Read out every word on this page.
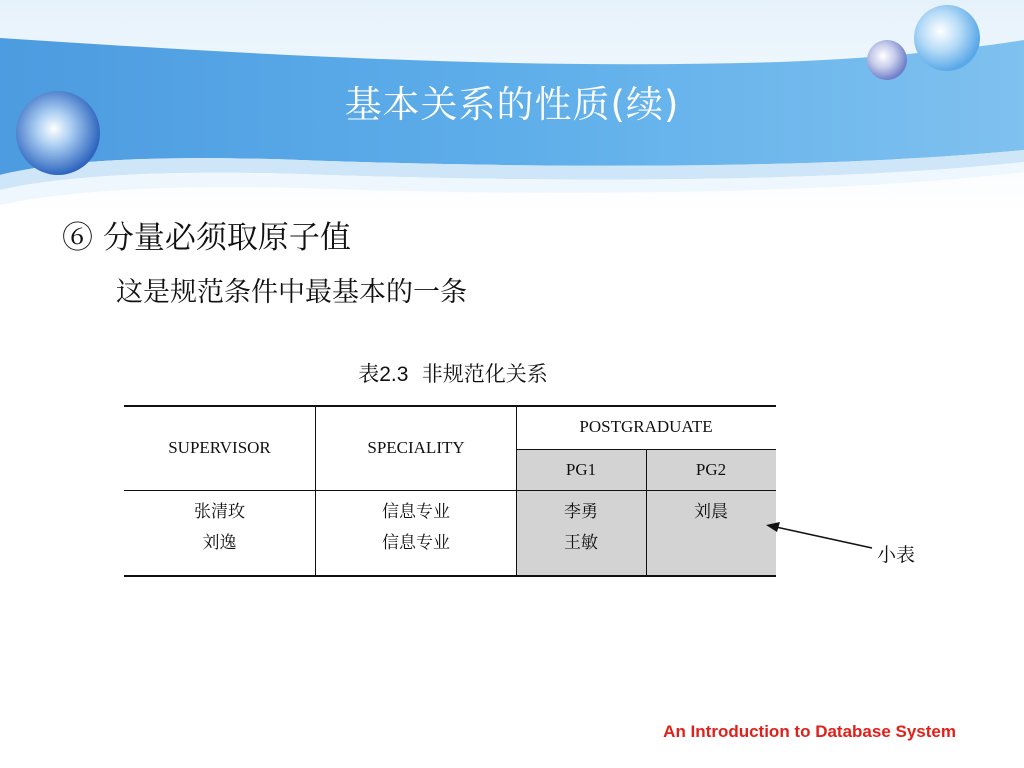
基本关系的性质(续)
⑥ 分量必须取原子值
这是规范条件中最基本的一条
表2.3 非规范化关系
SUPERVISOR	SPECIALITY
POSTGRADUATE
PG1	PG2
张清玫
刘逸
信息专业
信息专业
李勇
王敏
刘晨
小表
An Introduction to Database System
